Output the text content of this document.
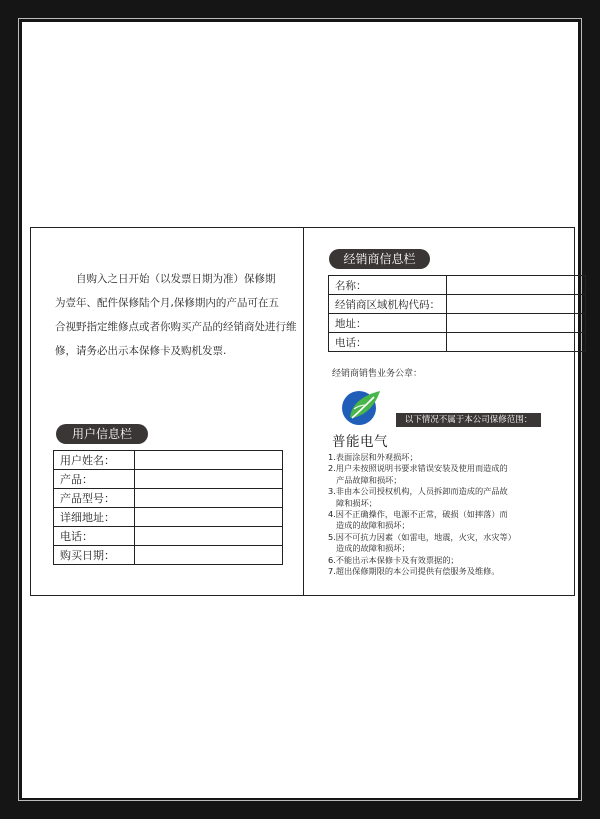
自购入之日开始（以发票日期为准）保修期

为壹年、配件保修陆个月,保修期内的产品可在五

合视野指定维修点或者你购买产品的经销商处进行维

修，请务必出示本保修卡及购机发票.

用户信息栏
用户姓名：	
产品：	
产品型号：	
详细地址：	
电话：	
购买日期：	
经销商信息栏
名称：	
经销商区域机构代码：	
地址：	
电话：	
经销商销售业务公章：
普能电气
以下情况不属于本公司保修范围：
1.表面涂层和外观损坏；
2.用户未按照说明书要求错误安装及使用而造成的
产品故障和损坏；
3.非由本公司授权机构，人员拆卸而造成的产品故
障和损坏；
4.因不正确操作，电源不正常，破损（如摔落）而
造成的故障和损坏；
5.因不可抗力因素（如雷电，地震，火灾，水灾等）
造成的故障和损坏；
6.不能出示本保修卡及有效票据的；
7.超出保修期限的本公司提供有偿服务及维修。
